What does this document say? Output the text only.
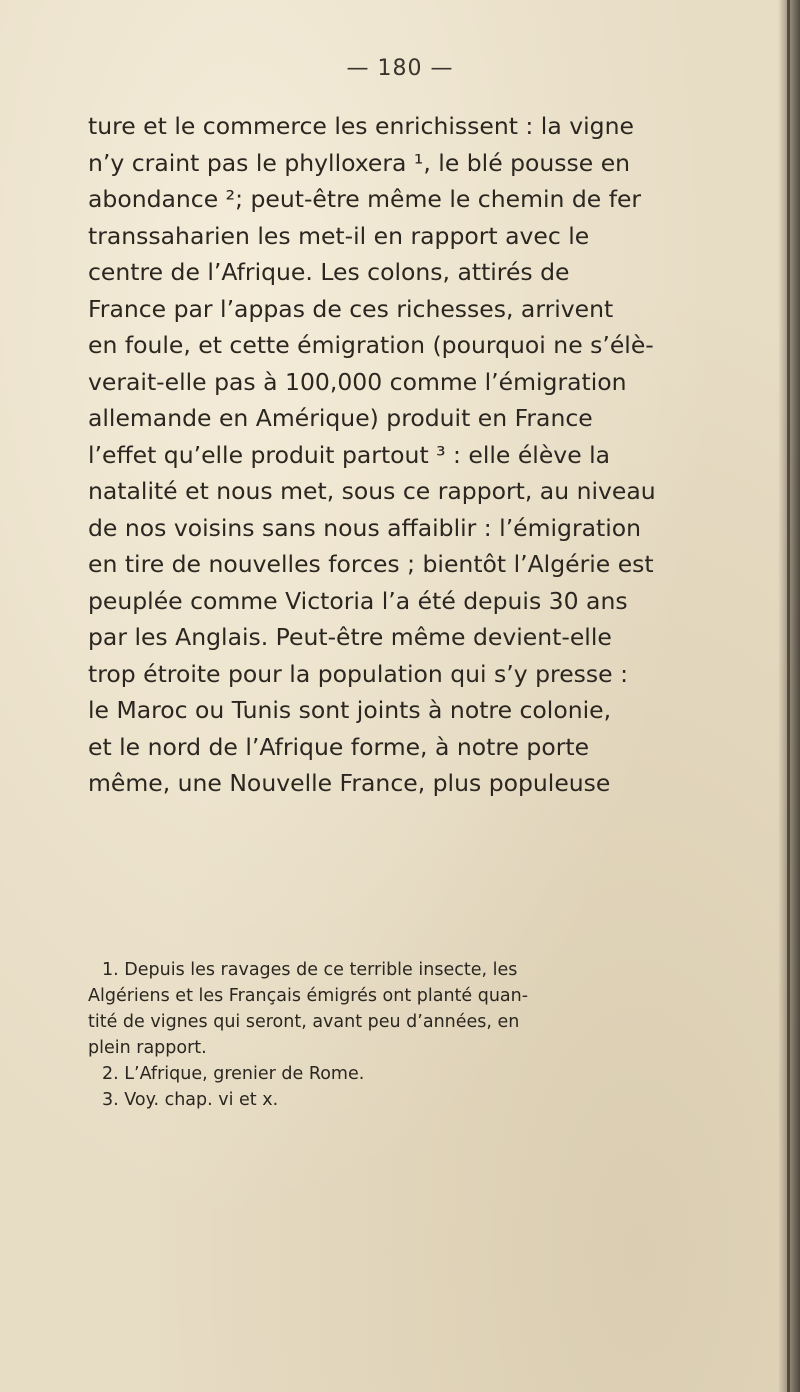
— 180 —
ture et le commerce les enrichissent : la vigne
n’y craint pas le phylloxera ¹, le blé pousse en
abondance ²; peut-être même le chemin de fer
transsaharien les met-il en rapport avec le
centre de l’Afrique. Les colons, attirés de
France par l’appas de ces richesses, arrivent
en foule, et cette émigration (pourquoi ne s’élè-
verait-elle pas à 100,000 comme l’émigration
allemande en Amérique) produit en France
l’effet qu’elle produit partout ³ : elle élève la
natalité et nous met, sous ce rapport, au niveau
de nos voisins sans nous affaiblir : l’émigration
en tire de nouvelles forces ; bientôt l’Algérie est
peuplée comme Victoria l’a été depuis 30 ans
par les Anglais. Peut-être même devient-elle
trop étroite pour la population qui s’y presse :
le Maroc ou Tunis sont joints à notre colonie,
et le nord de l’Afrique forme, à notre porte
même, une Nouvelle France, plus populeuse
1. Depuis les ravages de ce terrible insecte, les
Algériens et les Français émigrés ont planté quan-
tité de vignes qui seront, avant peu d’années, en
plein rapport.
2. L’Afrique, grenier de Rome.
3. Voy. chap. vi et x.
